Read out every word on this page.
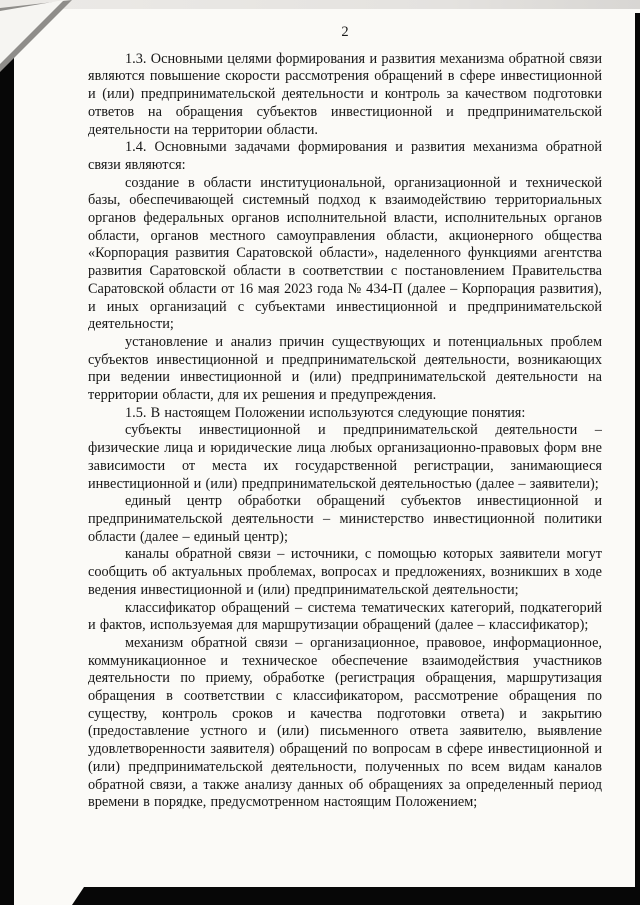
2

1.3. Основными целями формирования и развития механизма обратной связи являются повышение скорости рассмотрения обращений в сфере инвестиционной и (или) предпринимательской деятельности и контроль за качеством подготовки ответов на обращения субъектов инвестиционной и предпринимательской деятельности на территории области.

1.4. Основными задачами формирования и развития механизма обратной связи являются:

создание в области институциональной, организационной и технической базы, обеспечивающей системный подход к взаимодействию территориальных органов федеральных органов исполнительной власти, исполнительных органов области, органов местного самоуправления области, акционерного общества «Корпорация развития Саратовской области», наделенного функциями агентства развития Саратовской области в соответствии с постановлением Правительства Саратовской области от 16 мая 2023 года № 434-П (далее – Корпорация развития), и иных организаций с субъектами инвестиционной и предпринимательской деятельности;

установление и анализ причин существующих и потенциальных проблем субъектов инвестиционной и предпринимательской деятельности, возникающих при ведении инвестиционной и (или) предпринимательской деятельности на территории области, для их решения и предупреждения.

1.5. В настоящем Положении используются следующие понятия:

субъекты инвестиционной и предпринимательской деятельности – физические лица и юридические лица любых организационно-правовых форм вне зависимости от места их государственной регистрации, занимающиеся инвестиционной и (или) предпринимательской деятельностью (далее – заявители);

единый центр обработки обращений субъектов инвестиционной и предпринимательской деятельности – министерство инвестиционной политики области (далее – единый центр);

каналы обратной связи – источники, с помощью которых заявители могут сообщить об актуальных проблемах, вопросах и предложениях, возникших в ходе ведения инвестиционной и (или) предпринимательской деятельности;

классификатор обращений – система тематических категорий, подкатегорий и фактов, используемая для маршрутизации обращений (далее – классификатор);

механизм обратной связи – организационное, правовое, информационное, коммуникационное и техническое обеспечение взаимодействия участников деятельности по приему, обработке (регистрация обращения, маршрутизация обращения в соответствии с классификатором, рассмотрение обращения по существу, контроль сроков и качества подготовки ответа) и закрытию (предоставление устного и (или) письменного ответа заявителю, выявление удовлетворенности заявителя) обращений по вопросам в сфере инвестиционной и (или) предпринимательской деятельности, полученных по всем видам каналов обратной связи, а также анализу данных об обращениях за определенный период времени в порядке, предусмотренном настоящим Положением;
